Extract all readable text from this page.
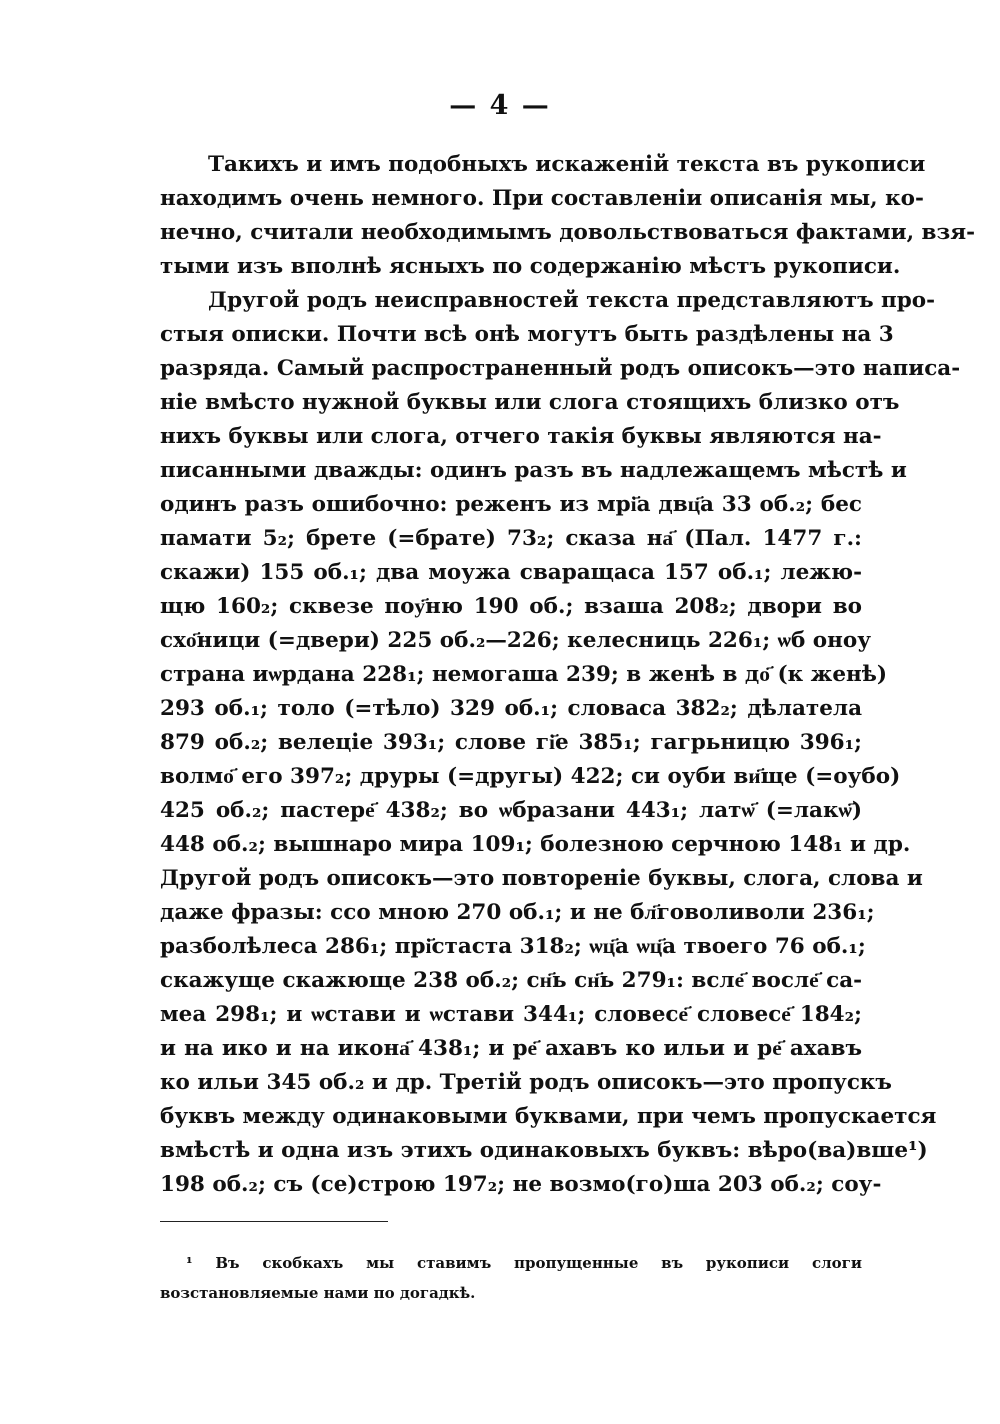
— 4 —
Такихъ и имъ подобныхъ искаженій текста въ рукописи
находимъ очень немного. При составленіи описанія мы, ко-
нечно, считали необходимымъ довольствоваться фактами, взя-
тыми изъ вполнѣ ясныхъ по содержанію мѣстъ рукописи.
Другой родъ неисправностей текста представляютъ про-
стыя описки. Почти всѣ онѣ могутъ быть раздѣлены на 3
разряда. Самый распространенный родъ описокъ—это написа-
ніе вмѣсто нужной буквы или слога стоящихъ близко отъ
нихъ буквы или слога, отчего такія буквы являются на-
писанными дважды: одинъ разъ въ надлежащемъ мѣстѣ и
одинъ разъ ошибочно: реженъ из мрі҃а двц҃а 33 об.₂; бес
памати 5₂; брете (=брате) 73₂; сказа на҃ (Пал. 1477 г.:
скажи) 155 об.₁; два моужа сваращаса 157 об.₁; лежю-
щю 160₂; сквезе поу҃ню 190 об.; взаша 208₂; двори во
схо҃ници (=двери) 225 об.₂—226; келесниць 226₁; ѡб оноу
страна иѡрдана 228₁; немогаша 239; в женѣ в до҃ (к женѣ)
293 об.₁; толо (=тѣло) 329 об.₁; словаса 382₂; дѣлатела
879 об.₂; велеціе 393₁; слове гі҃е 385₁; гагрьницю 396₁;
волмо҃ его 397₂; друры (=другы) 422; си оуби ви҃ще (=оубо)
425 об.₂; пастере҃ 438₂; во ѡбразани 443₁; латѡ҃ (=лакѡ҃)
448 об.₂; вышнаро мира 109₁; болезною серчною 148₁ и др.
Другой родъ описокъ—это повтореніе буквы, слога, слова и
даже фразы: ссо мною 270 об.₁; и не бл҃говоливоли 236₁;
разболѣлеса 286₁; прі҃стаста 318₂; ѡц҃а ѡц҃а твоего 76 об.₁;
скажуще скажюще 238 об.₂; сн҃ь сн҃ь 279₁: всле҃ восле҃ са-
меа 298₁; и ѡстави и ѡстави 344₁; словесе҃ словесе҃ 184₂;
и на ико и на икона҃ 438₁; и ре҃ ахавъ ко ильи и ре҃ ахавъ
ко ильи 345 об.₂ и др. Третій родъ описокъ—это пропускъ
буквъ между одинаковыми буквами, при чемъ пропускается
вмѣстѣ и одна изъ этихъ одинаковыхъ буквъ: вѣро(ва)вше¹)
198 об.₂; съ (се)строю 197₂; не возмо(го)ша 203 об.₂; соу-
¹ Въ скобкахъ мы ставимъ пропущенные въ рукописи слоги
возстановляемые нами по догадкѣ.
